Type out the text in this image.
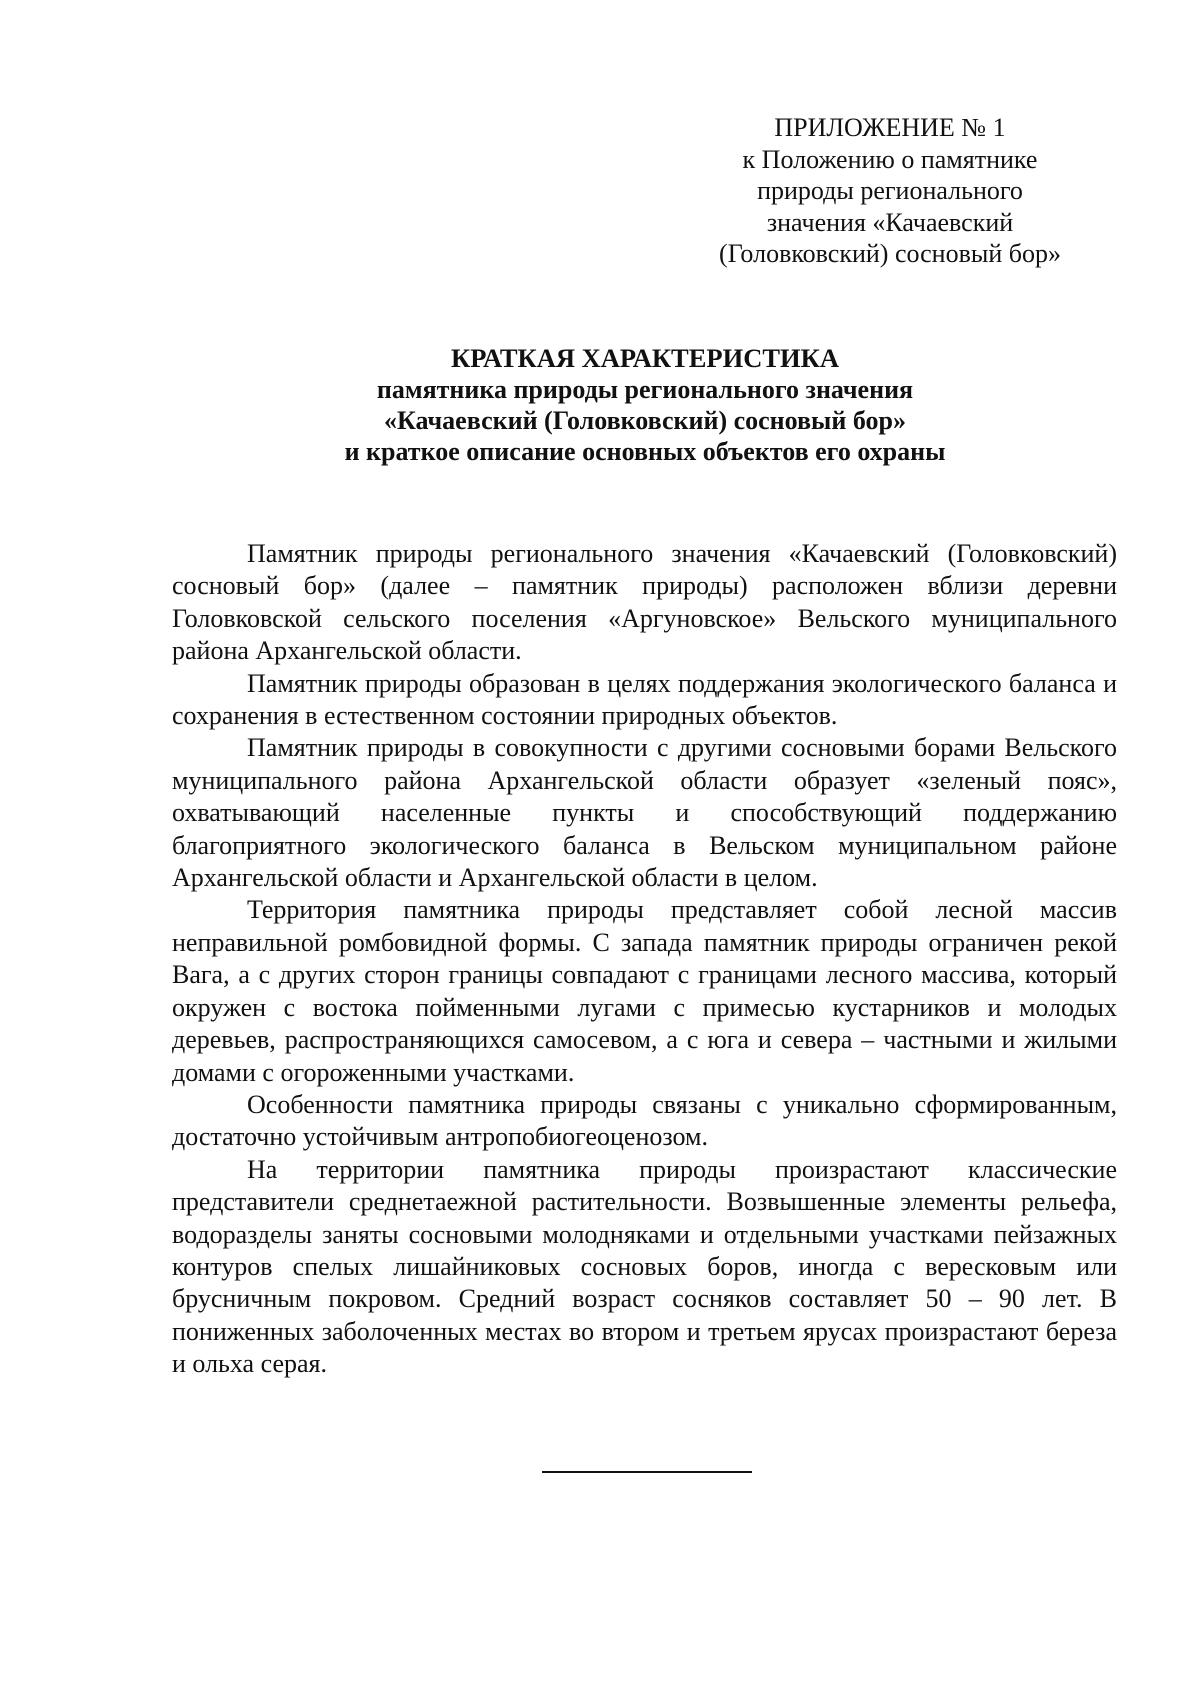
ПРИЛОЖЕНИЕ № 1
к Положению о памятнике
природы регионального
значения «Качаевский
(Головковский) сосновый бор»
КРАТКАЯ ХАРАКТЕРИСТИКА
памятника природы регионального значения
«Качаевский (Головковский) сосновый бор»
и краткое описание основных объектов его охраны

Памятник природы регионального значения «Качаевский (Головковский) сосновый бор» (далее – памятник природы) расположен вблизи деревни Головковской сельского поселения «Аргуновское» Вельского муниципального района Архангельской области.

Памятник природы образован в целях поддержания экологического баланса и сохранения в естественном состоянии природных объектов.

Памятник природы в совокупности с другими сосновыми борами Вельского муниципального района Архангельской области образует «зеленый пояс», охватывающий населенные пункты и способствующий поддержанию благоприятного экологического баланса в Вельском муниципальном районе Архангельской области и Архангельской области в целом.

Территория памятника природы представляет собой лесной массив неправильной ромбовидной формы. С запада памятник природы ограничен рекой Вага, а с других сторон границы совпадают с границами лесного массива, который окружен с востока пойменными лугами с примесью кустарников и молодых деревьев, распространяющихся самосевом, а с юга и севера – частными и жилыми домами с огороженными участками.

Особенности памятника природы связаны с уникально сформированным, достаточно устойчивым антропобиогеоценозом.

На территории памятника природы произрастают классические представители среднетаежной растительности. Возвышенные элементы рельефа, водоразделы заняты сосновыми молодняками и отдельными участками пейзажных контуров спелых лишайниковых сосновых боров, иногда с вересковым или брусничным покровом. Средний возраст сосняков составляет 50 – 90 лет. В пониженных заболоченных местах во втором и третьем ярусах произрастают береза и ольха серая.
